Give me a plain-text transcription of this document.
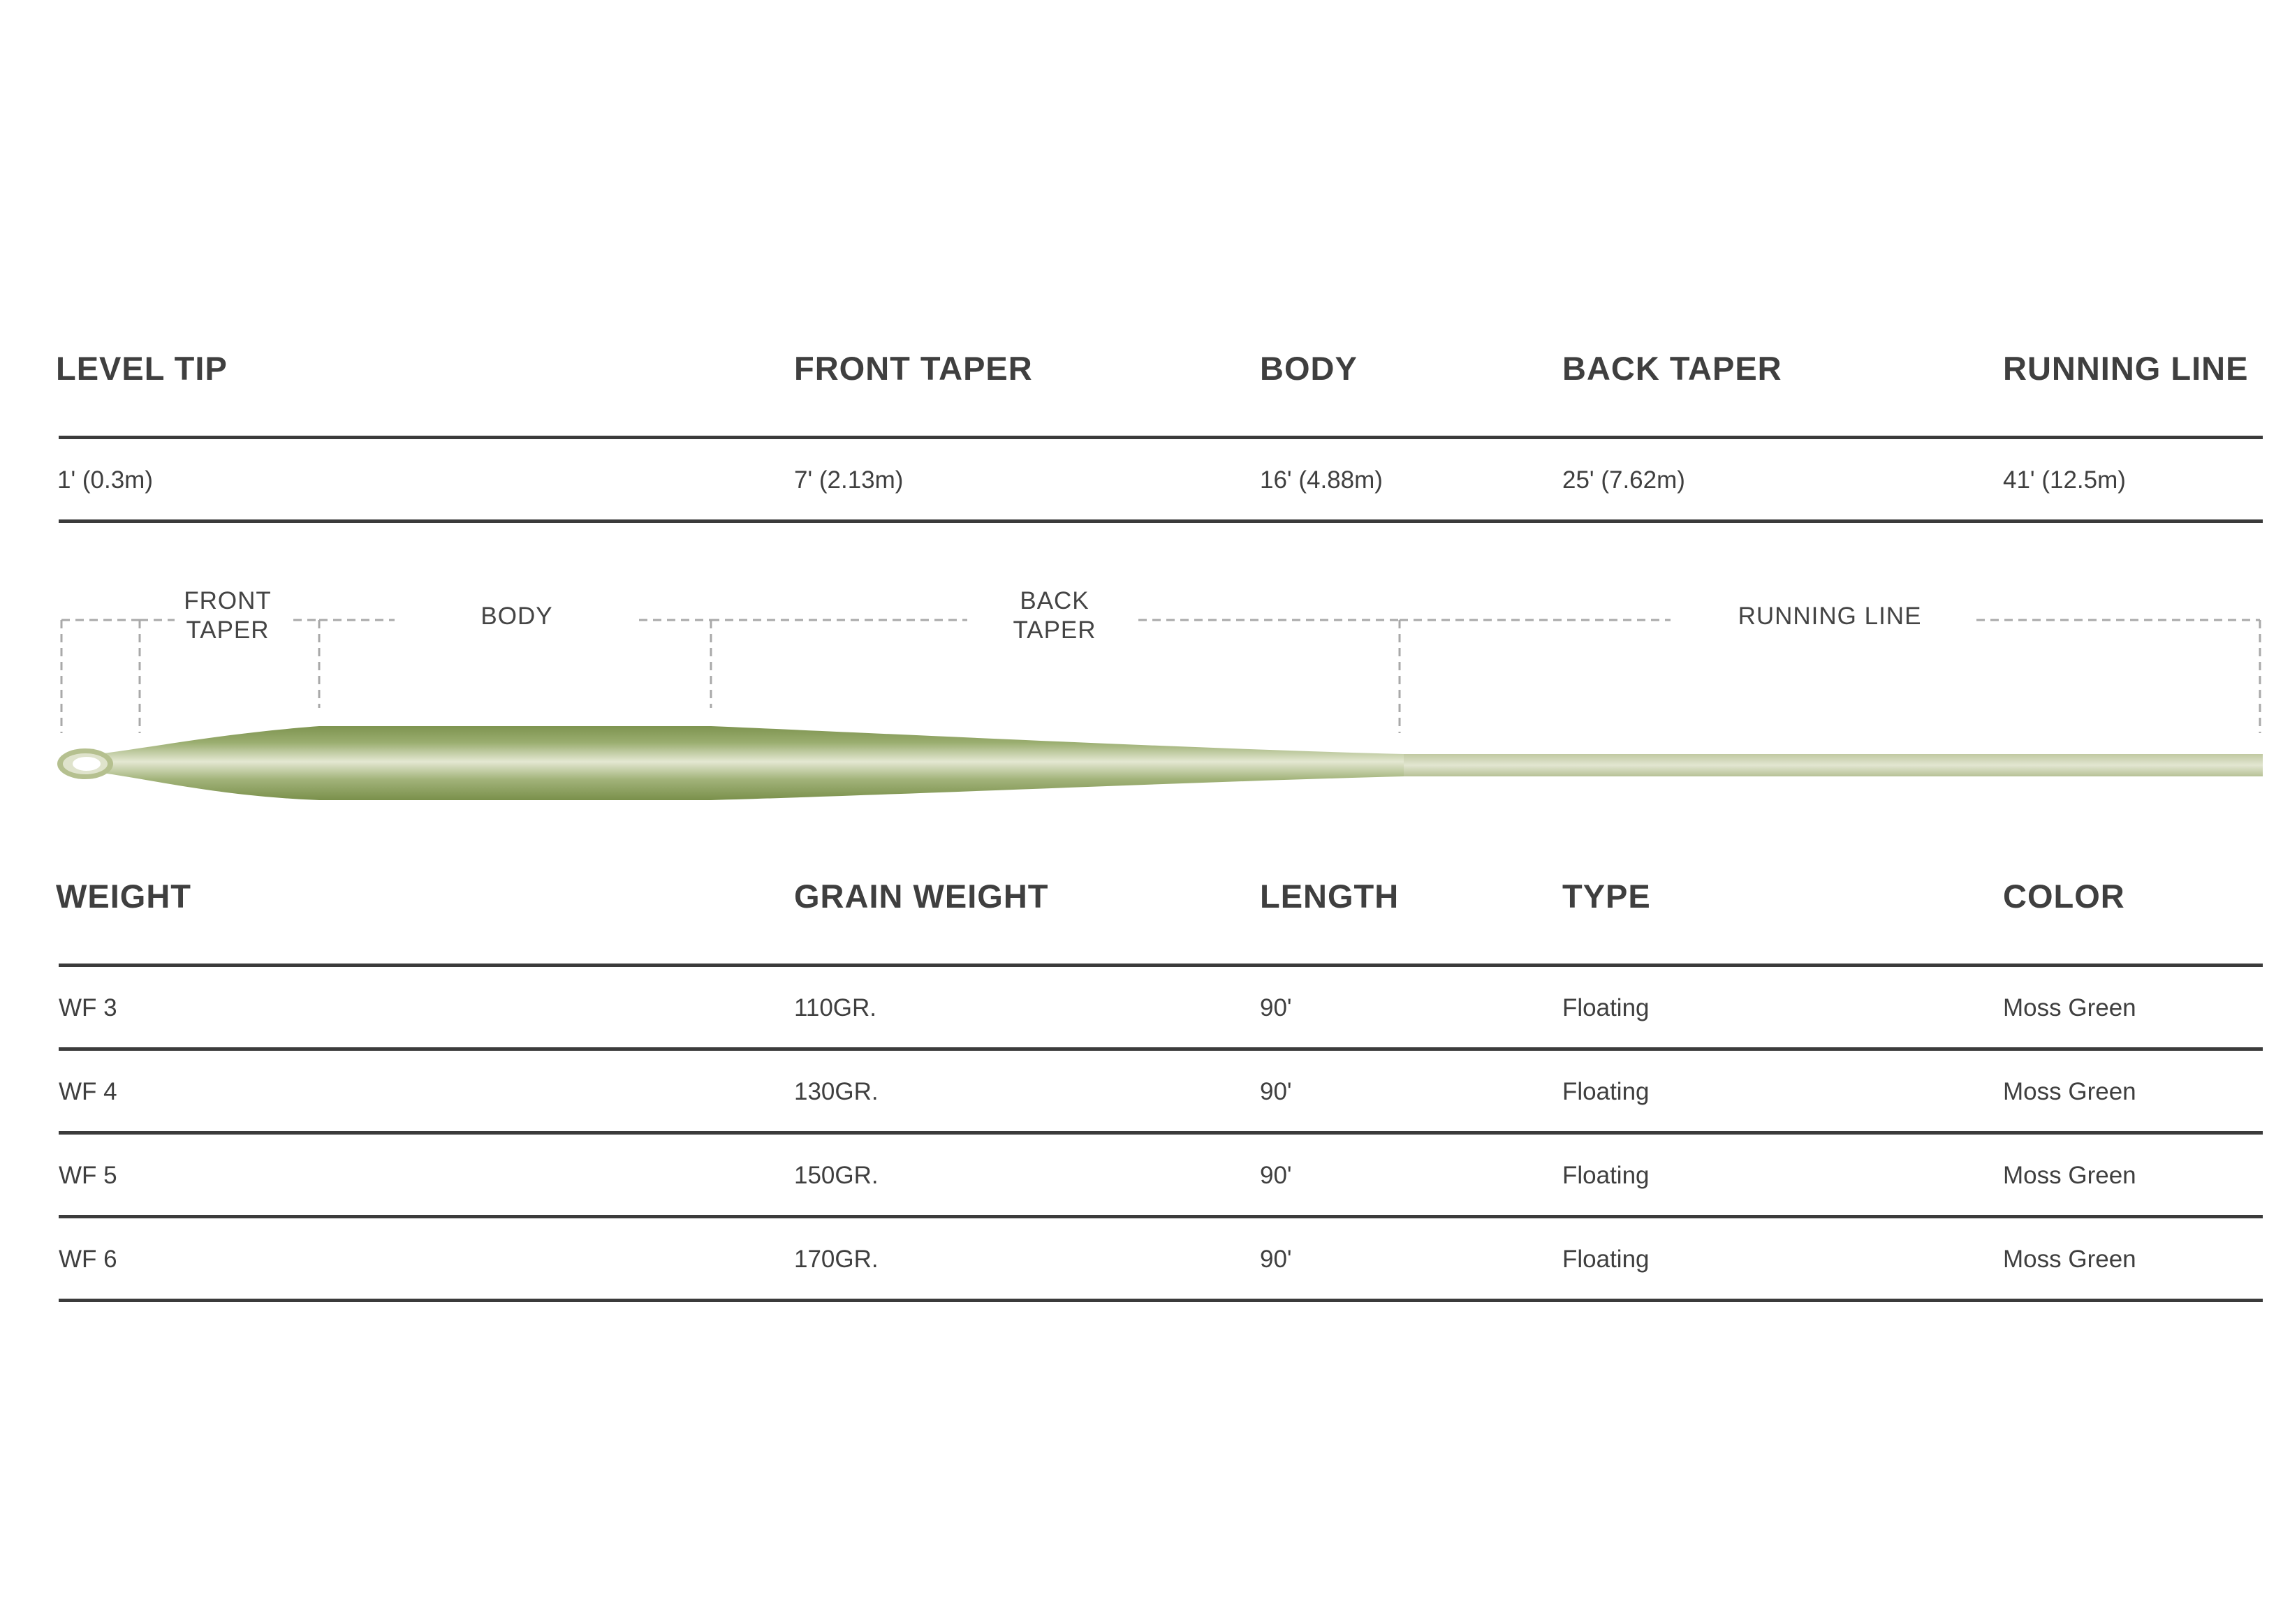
LEVEL TIP	FRONT TAPER	BODY	BACK TAPER	RUNNING LINE
1' (0.3m)	7' (2.13m)	16' (4.88m)	25' (7.62m)	41' (12.5m)
FRONT
TAPER
BODY
BACK
TAPER
RUNNING LINE
WEIGHT	GRAIN WEIGHT	LENGTH	TYPE	COLOR
WF 3	110GR.	90'	Floating	Moss Green
WF 4	130GR.	90'	Floating	Moss Green
WF 5	150GR.	90'	Floating	Moss Green
WF 6	170GR.	90'	Floating	Moss Green
